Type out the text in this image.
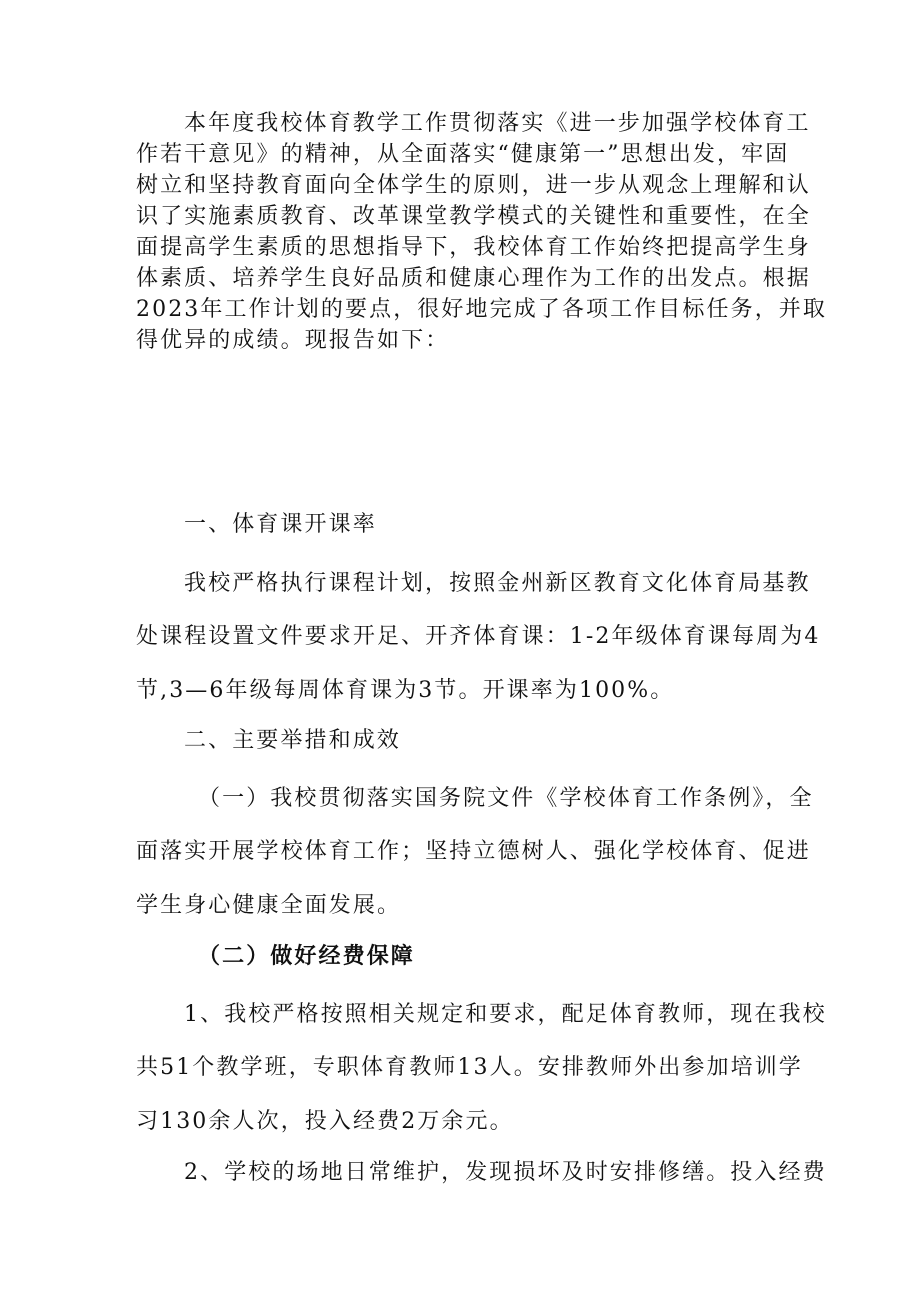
本年度我校体育教学工作贯彻落实《进一步加强学校体育工
作若干意见》的精神，从全面落实“健康第一”思想出发，牢固
树立和坚持教育面向全体学生的原则，进一步从观念上理解和认
识了实施素质教育、改革课堂教学模式的关键性和重要性，在全
面提高学生素质的思想指导下，我校体育工作始终把提高学生身
体素质、培养学生良好品质和健康心理作为工作的出发点。根据
2023年工作计划的要点，很好地完成了各项工作目标任务，并取
得优异的成绩。现报告如下：
一、体育课开课率
我校严格执行课程计划，按照金州新区教育文化体育局基教
处课程设置文件要求开足、开齐体育课：1-2年级体育课每周为4
节,3—6年级每周体育课为3节。开课率为100%。
二、主要举措和成效
（一）我校贯彻落实国务院文件《学校体育工作条例》，全
面落实开展学校体育工作；坚持立德树人、强化学校体育、促进
学生身心健康全面发展。
（二）做好经费保障
1、我校严格按照相关规定和要求，配足体育教师，现在我校
共51个教学班，专职体育教师13人。安排教师外出参加培训学
习130余人次，投入经费2万余元。
2、学校的场地日常维护，发现损坏及时安排修缮。投入经费
